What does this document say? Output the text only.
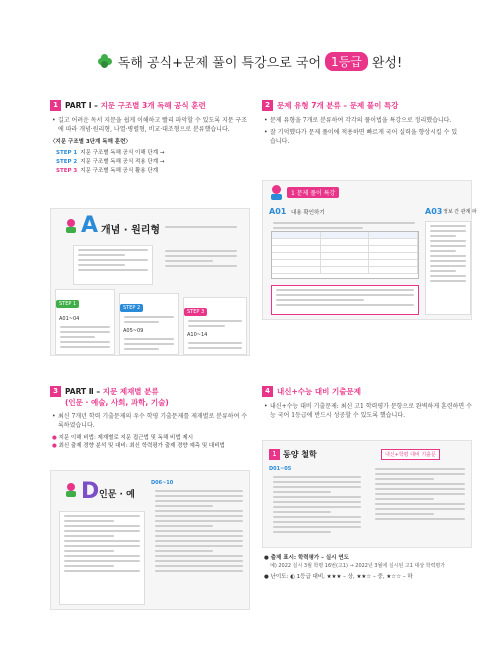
독해 공식+문제 풀이 특강으로 국어 1등급 완성!
1 PART Ⅰ – 지문 구조별 3개 독해 공식 훈련
• 길고 어려운 독서 지문을 쉽게 이해하고 빨리 파악할 수 있도록 지문 구조에 따라 개념·원리형, 나열·병렬형, 비교·대조형으로 분류했습니다.
〈지문 구조별 3단계 독해 훈련〉
STEP 1 지문 구조별 독해 공식 이해 단계 →
STEP 2 지문 구조별 독해 공식 적용 단계 →
STEP 3 지문 구조별 독해 공식 활용 단계
A 개념 · 원리형
STEP 1
A01~04
STEP 2
A05~09
STEP 3
A10~14
2 문제 유형 7개 분류 – 문제 풀이 특강
• 문제 유형을 7개로 분류하여 각각의 풀이법을 특강으로 정리했습니다.
• 잘 기억했다가 문제 풀이에 적용하면 빠르게 국어 실력을 향상시킬 수 있습니다.
1 문제 풀이 특강
A01 내용 확인하기	A03 정보 간 관계 파
3 PART Ⅱ – 지문 제재별 분류
(인문 · 예술, 사회, 과학, 기술)
• 최신 7개년 학력 기출문제의 우수 학평 기출문제를 제재별로 분류하여 수록하였습니다.
● 지문 이해 비법: 제재별로 지문 접근법 및 독해 비법 제시
● 최신 출제 경향 분석 및 대비: 최신 학력평가 출제 경향 예측 및 대비법
D 인문 · 예
D06~10
4 내신+수능 대비 기출문제
• 내신+수능 대비 기출문제: 최신 고1 학력평가 문항으로 완벽하게 훈련하면 수능 국어 1등급에 반드시 성공할 수 있도록 했습니다.
1 동양 철학	내신+학평 대비 기출문
D01~05
● 출제 표시: 학력평가 – 실시 연도
예) 2022 실시 3월 학평 16번(고1) → 2022년 3월에 실시된 고1 대상 학력평가
● 난이도: ◐ 1등급 대비, ★★★ – 상, ★★☆ – 중, ★☆☆ – 하
